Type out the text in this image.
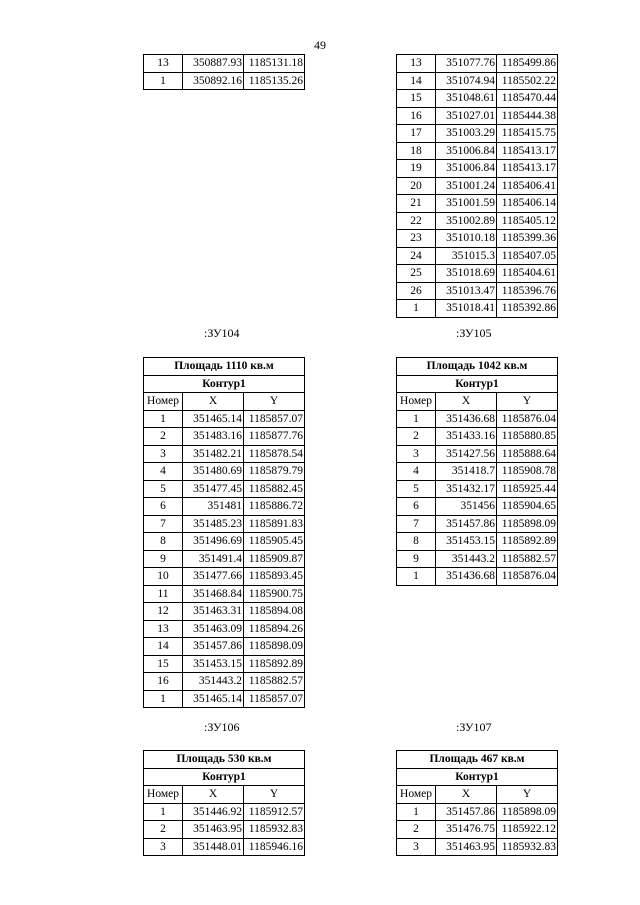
49
13	350887.93	1185131.18
1	350892.16	1185135.26
13	351077.76	1185499.86
14	351074.94	1185502.22
15	351048.61	1185470.44
16	351027.01	1185444.38
17	351003.29	1185415.75
18	351006.84	1185413.17
19	351006.84	1185413.17
20	351001.24	1185406.41
21	351001.59	1185406.14
22	351002.89	1185405.12
23	351010.18	1185399.36
24	351015.3	1185407.05
25	351018.69	1185404.61
26	351013.47	1185396.76
1	351018.41	1185392.86
:ЗУ104	:ЗУ105
Площадь 1110 кв.м		
Контур1		
Номер	X	Y
1	351465.14	1185857.07
2	351483.16	1185877.76
3	351482.21	1185878.54
4	351480.69	1185879.79
5	351477.45	1185882.45
6	351481	1185886.72
7	351485.23	1185891.83
8	351496.69	1185905.45
9	351491.4	1185909.87
10	351477.66	1185893.45
11	351468.84	1185900.75
12	351463.31	1185894.08
13	351463.09	1185894.26
14	351457.86	1185898.09
15	351453.15	1185892.89
16	351443.2	1185882.57
1	351465.14	1185857.07
Площадь 1042 кв.м		
Контур1		
Номер	X	Y
1	351436.68	1185876.04
2	351433.16	1185880.85
3	351427.56	1185888.64
4	351418.7	1185908.78
5	351432.17	1185925.44
6	351456	1185904.65
7	351457.86	1185898.09
8	351453.15	1185892.89
9	351443.2	1185882.57
1	351436.68	1185876.04
:ЗУ106	:ЗУ107
Площадь 530 кв.м		
Контур1		
Номер	X	Y
1	351446.92	1185912.57
2	351463.95	1185932.83
3	351448.01	1185946.16
Площадь 467 кв.м		
Контур1		
Номер	X	Y
1	351457.86	1185898.09
2	351476.75	1185922.12
3	351463.95	1185932.83
